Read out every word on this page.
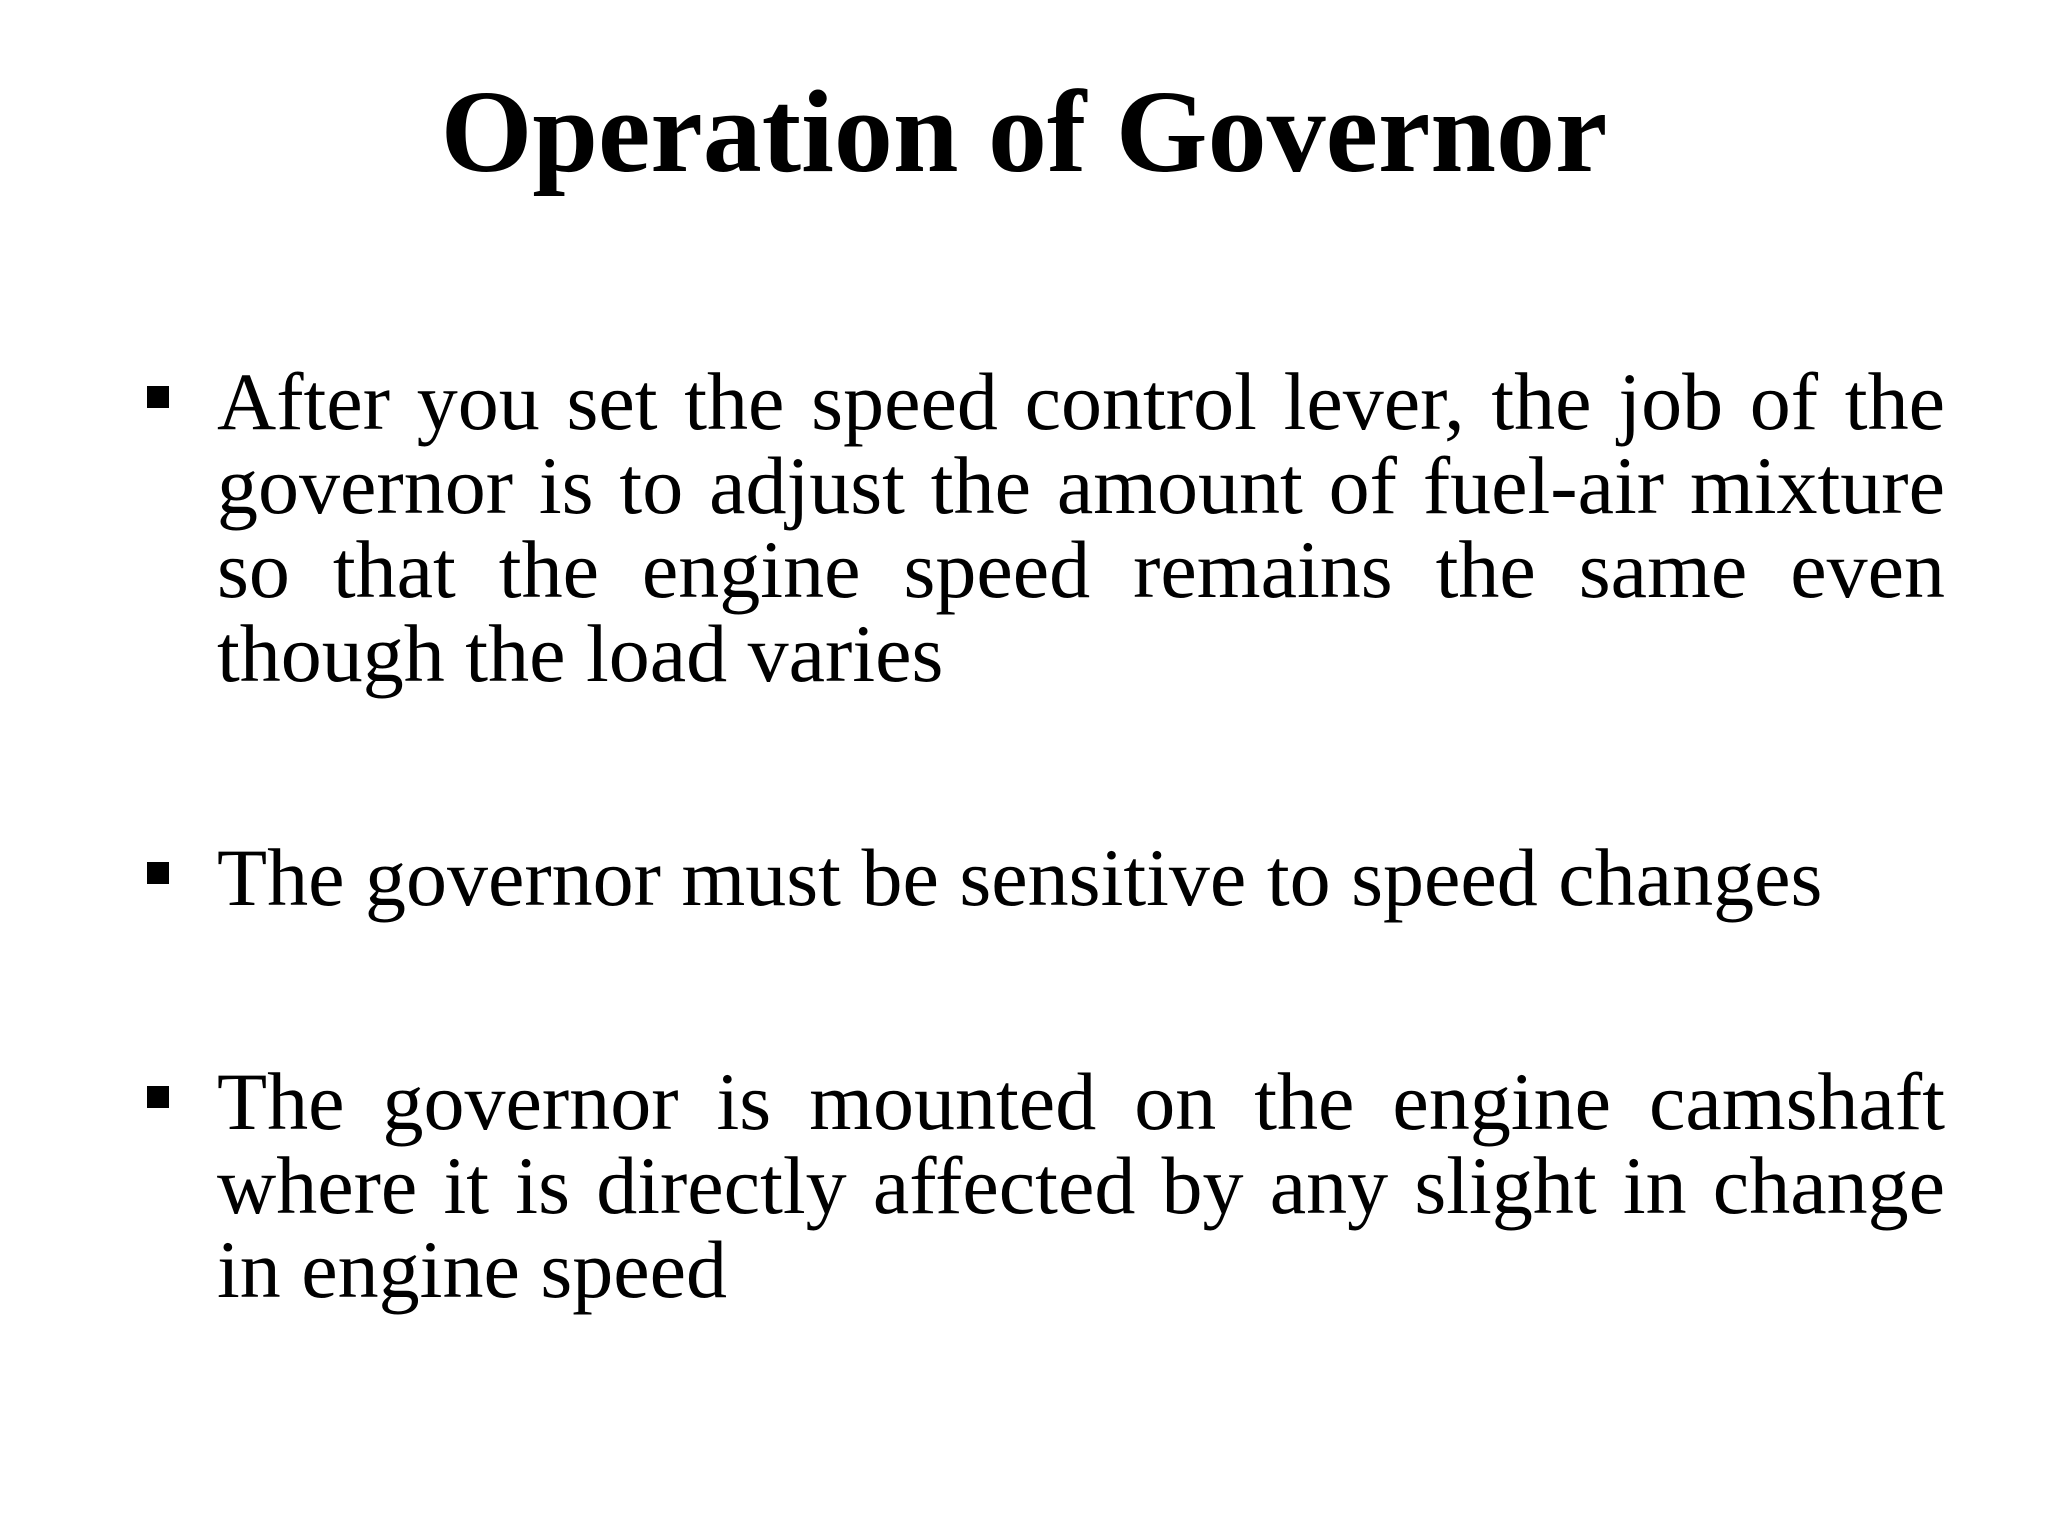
Operation of Governor
After you set the speed control lever, the job of the governor is to adjust the amount of fuel-air mixture so that the engine speed remains the same even though the load varies
The governor must be sensitive to speed changes
The governor is mounted on the engine camshaft where it is directly affected by any slight in change in engine speed
